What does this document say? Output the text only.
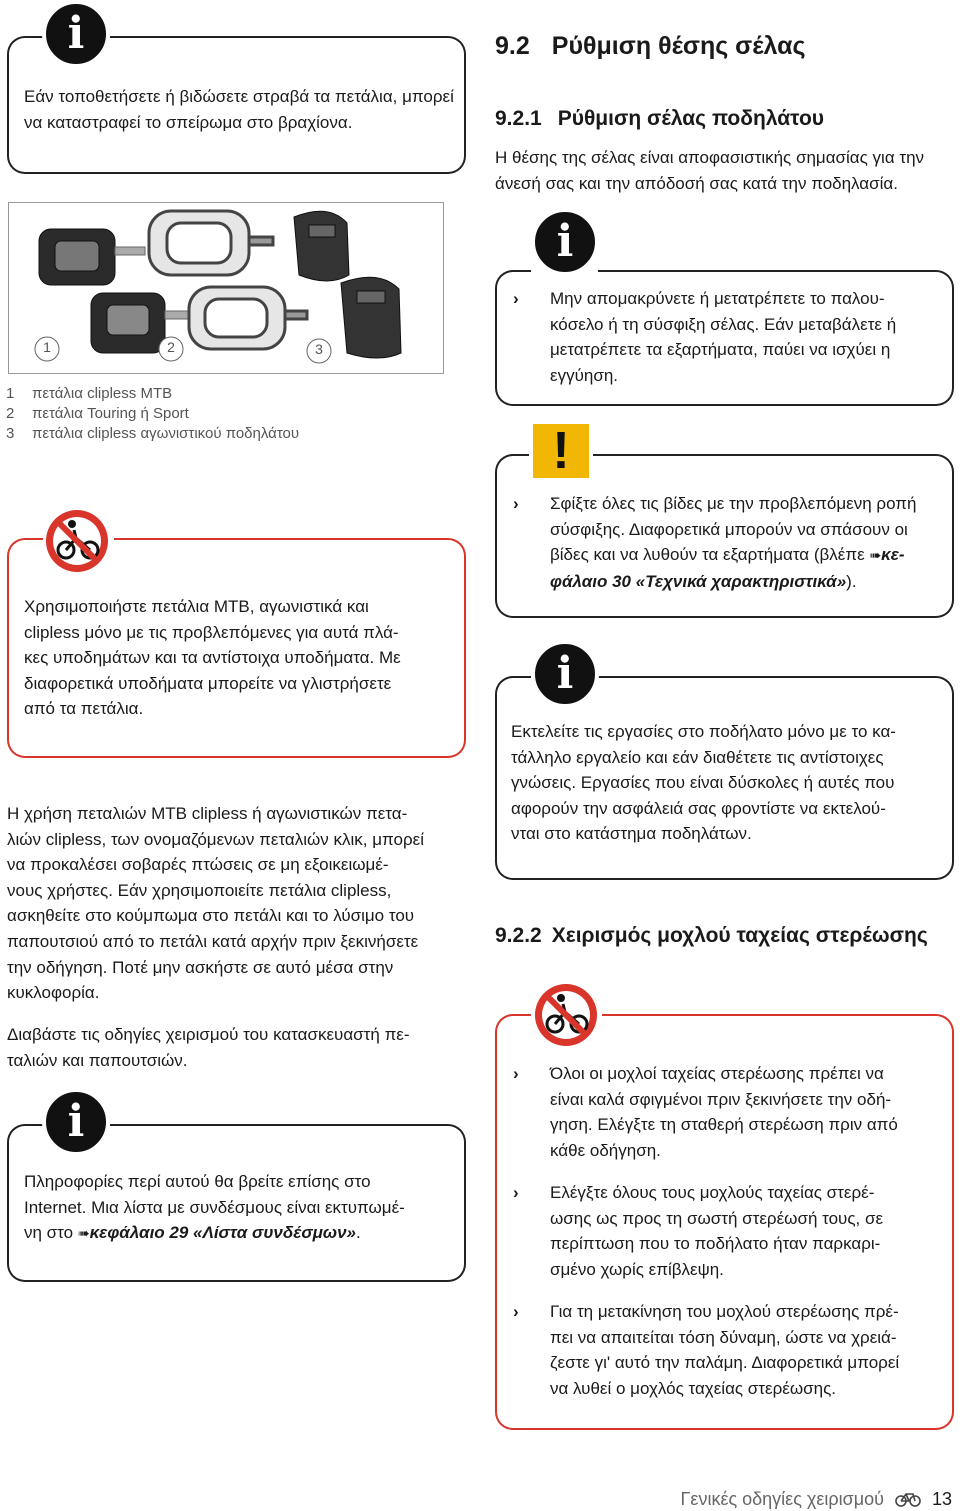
i
Εάν τοποθετήσετε ή βιδώσετε στραβά τα πετάλια, μπορεί να καταστραφεί το σπείρωμα στο βραχίονα.
1	2	3
1 πετάλια clipless MTB
2 πετάλια Touring ή Sport
3 πετάλια clipless αγωνιστικού ποδηλάτου
Χρησιμοποιήστε πετάλια MTB, αγωνιστικά και
clipless μόνο με τις προβλεπόμενες για αυτά πλά-
κες υποδημάτων και τα αντίστοιχα υποδήματα. Με
διαφορετικά υποδήματα μπορείτε να γλιστρήσετε
από τα πετάλια.
Η χρήση πεταλιών MTB clipless ή αγωνιστικών πετα-
λιών clipless, των ονομαζόμενων πεταλιών κλικ, μπορεί
να προκαλέσει σοβαρές πτώσεις σε μη εξοικειωμέ-
νους χρήστες. Εάν χρησιμοποιείτε πετάλια clipless,
ασκηθείτε στο κούμπωμα στο πετάλι και το λύσιμο του
παπουτσιού από το πετάλι κατά αρχήν πριν ξεκινήσετε
την οδήγηση. Ποτέ μην ασκήστε σε αυτό μέσα στην
κυκλοφορία.
Διαβάστε τις οδηγίες χειρισμού του κατασκευαστή πε-
ταλιών και παπουτσιών.
i
Πληροφορίες περί αυτού θα βρείτε επίσης στο
Internet. Μια λίστα με συνδέσμους είναι εκτυπωμέ-
νη στο ➠κεφάλαιο 29 «Λίστα συνδέσμων».
9.2 Ρύθμιση θέσης σέλας
9.2.1 Ρύθμιση σέλας ποδηλάτου
Η θέσης της σέλας είναι αποφασιστικής σημασίας για την
άνεσή σας και την απόδοσή σας κατά την ποδηλασία.
i
› Μην απομακρύνετε ή μετατρέπετε το παλου-
κόσελο ή τη σύσφιξη σέλας. Εάν μεταβάλετε ή
μετατρέπετε τα εξαρτήματα, παύει να ισχύει η
εγγύηση.
!
› Σφίξτε όλες τις βίδες με την προβλεπόμενη ροπή
σύσφιξης. Διαφορετικά μπορούν να σπάσουν οι
βίδες και να λυθούν τα εξαρτήματα (βλέπε ➠κε-
φάλαιο 30 «Τεχνικά χαρακτηριστικά»).
i
Εκτελείτε τις εργασίες στο ποδήλατο μόνο με το κα-
τάλληλο εργαλείο και εάν διαθέτετε τις αντίστοιχες
γνώσεις. Εργασίες που είναι δύσκολες ή αυτές που
αφορούν την ασφάλειά σας φροντίστε να εκτελού-
νται στο κατάστημα ποδηλάτων.
9.2.2 Χειρισμός μοχλού ταχείας στερέωσης
› Όλοι οι μοχλοί ταχείας στερέωσης πρέπει να
είναι καλά σφιγμένοι πριν ξεκινήσετε την οδή-
γηση. Ελέγξτε τη σταθερή στερέωση πριν από
κάθε οδήγηση.
› Ελέγξτε όλους τους μοχλούς ταχείας στερέ-
ωσης ως προς τη σωστή στερέωσή τους, σε
περίπτωση που το ποδήλατο ήταν παρκαρι-
σμένο χωρίς επίβλεψη.
› Για τη μετακίνηση του μοχλού στερέωσης πρέ-
πει να απαιτείται τόση δύναμη, ώστε να χρειά-
ζεστε γι' αυτό την παλάμη. Διαφορετικά μπορεί
να λυθεί ο μοχλός ταχείας στερέωσης.
Γενικές οδηγίες χειρισμού	13
